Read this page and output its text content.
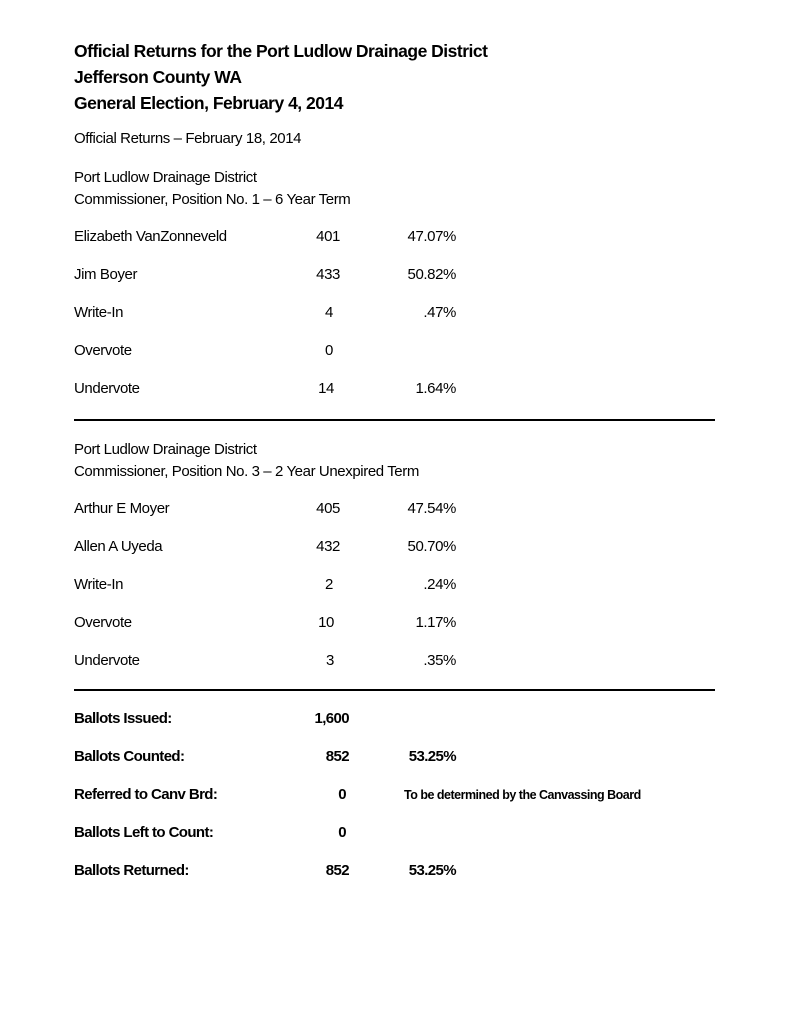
Official Returns for the Port Ludlow Drainage District
Jefferson County WA
General Election, February 4, 2014
Official Returns – February 18, 2014
Port Ludlow Drainage District
Commissioner, Position No. 1 – 6 Year Term
Elizabeth VanZonneveld	401	47.07%
Jim Boyer	433	50.82%
Write-In	4	.47%
Overvote	0
Undervote	14	1.64%
Port Ludlow Drainage District
Commissioner, Position No. 3 – 2 Year Unexpired Term
Arthur E Moyer	405	47.54%
Allen A Uyeda	432	50.70%
Write-In	2	.24%
Overvote	10	1.17%
Undervote	3	.35%
Ballots Issued:	1,600
Ballots Counted:	852	53.25%
Referred to Canv Brd:	0	To be determined by the Canvassing Board
Ballots Left to Count:	0
Ballots Returned:	852	53.25%
